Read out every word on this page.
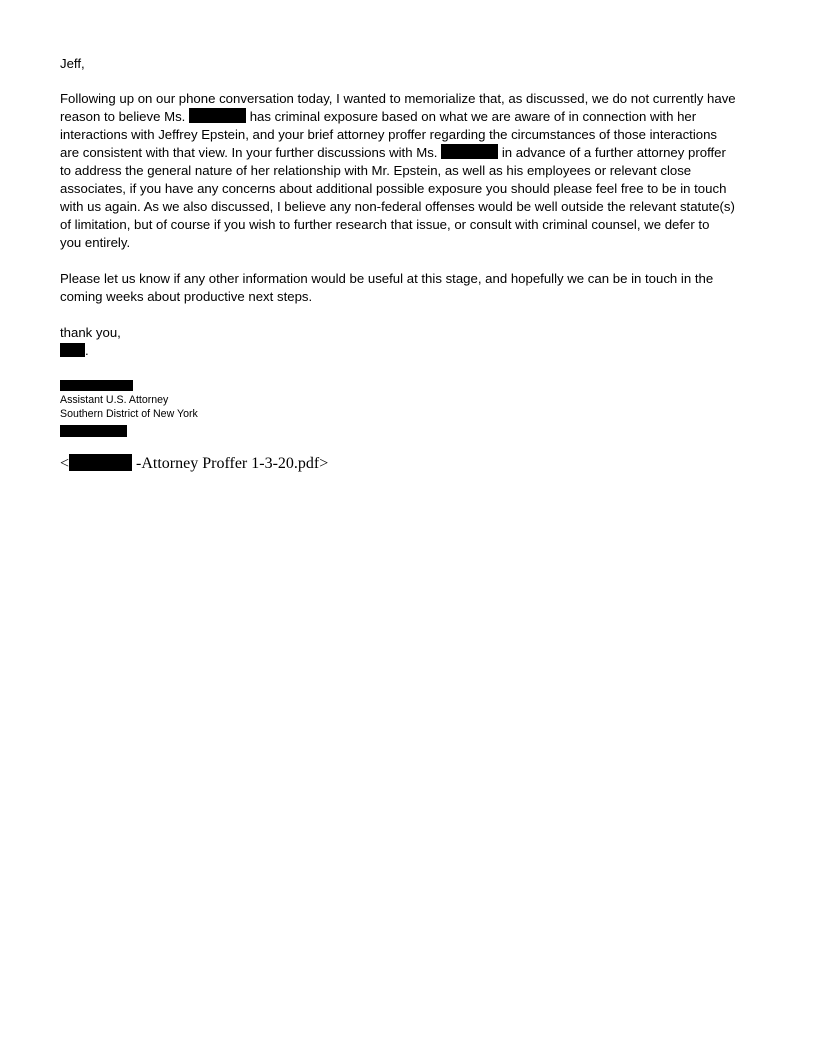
Jeff,
Following up on our phone conversation today, I wanted to memorialize that, as discussed, we do not currently have
reason to believe Ms.	has criminal exposure based on what we are aware of in connection with her
interactions with Jeffrey Epstein, and your brief attorney proffer regarding the circumstances of those interactions
are consistent with that view. In your further discussions with Ms.	in advance of a further attorney proffer
to address the general nature of her relationship with Mr. Epstein, as well as his employees or relevant close
associates, if you have any concerns about additional possible exposure you should please feel free to be in touch
with us again. As we also discussed, I believe any non-federal offenses would be well outside the relevant statute(s)
of limitation, but of course if you wish to further research that issue, or consult with criminal counsel, we defer to
you entirely.
Please let us know if any other information would be useful at this stage, and hopefully we can be in touch in the
coming weeks about productive next steps.
thank you,
.
Assistant U.S. Attorney
Southern District of New York
<	-Attorney Proffer 1-3-20.pdf>
